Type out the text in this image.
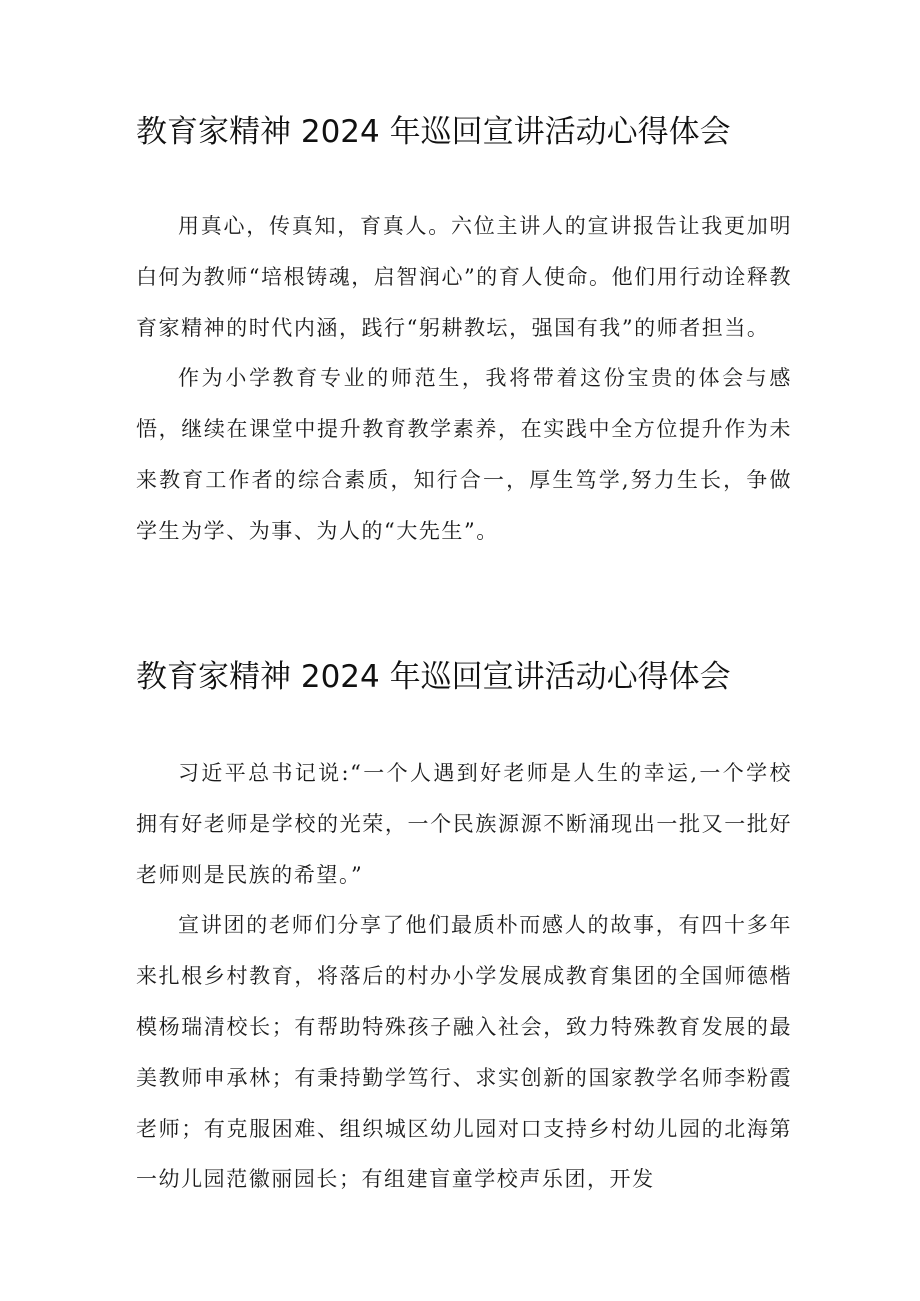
教育家精神 2024 年巡回宣讲活动心得体会

用真心，传真知，育真人。六位主讲人的宣讲报告让我更加明白何为教师“培根铸魂，启智润心”的育人使命。他们用行动诠释教育家精神的时代内涵，践行“躬耕教坛，强国有我”的师者担当。

作为小学教育专业的师范生，我将带着这份宝贵的体会与感悟，继续在课堂中提升教育教学素养，在实践中全方位提升作为未来教育工作者的综合素质，知行合一，厚生笃学,努力生长，争做学生为学、为事、为人的“大先生”。

教育家精神 2024 年巡回宣讲活动心得体会

习近平总书记说:“一个人遇到好老师是人生的幸运,一个学校拥有好老师是学校的光荣，一个民族源源不断涌现出一批又一批好老师则是民族的希望。”

宣讲团的老师们分享了他们最质朴而感人的故事，有四十多年来扎根乡村教育，将落后的村办小学发展成教育集团的全国师德楷模杨瑞清校长；有帮助特殊孩子融入社会，致力特殊教育发展的最美教师申承林；有秉持勤学笃行、求实创新的国家教学名师李粉霞老师；有克服困难、组织城区幼儿园对口支持乡村幼儿园的北海第一幼儿园范徽丽园长；有组建盲童学校声乐团，开发
